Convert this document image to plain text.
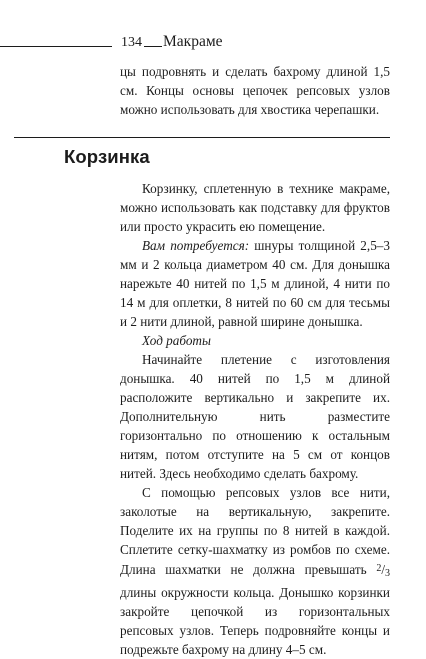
134 Макраме

цы подровнять и сделать бахрому длиной 1,5 см. Концы основы цепочек репсовых узлов можно использовать для хвостика черепашки.

Корзинка

Корзинку, сплетенную в технике макраме, можно использовать как подставку для фруктов или просто украсить ею помещение.

Вам потребуется: шнуры толщиной 2,5–3 мм и 2 кольца диаметром 40 см. Для донышка нарежьте 40 нитей по 1,5 м длиной, 4 нити по 14 м для оплетки, 8 нитей по 60 см для тесьмы и 2 нити длиной, равной ширине донышка.

Ход работы

Начинайте плетение с изготовления донышка. 40 нитей по 1,5 м длиной расположите вертикально и закрепите их. Дополнительную нить разместите горизонтально по отношению к остальным нитям, потом отступите на 5 см от концов нитей. Здесь необходимо сделать бахрому.

С помощью репсовых узлов все нити, заколотые на вертикальную, закрепите. Поделите их на группы по 8 нитей в каждой. Сплетите сетку-шахматку из ромбов по схеме. Длина шахматки не должна превышать $^2$/3 длины окружности кольца. Донышко корзинки закройте цепочкой из горизонтальных репсовых узлов. Теперь подровняйте концы и подрежьте бахрому на длину 4–5 см.
